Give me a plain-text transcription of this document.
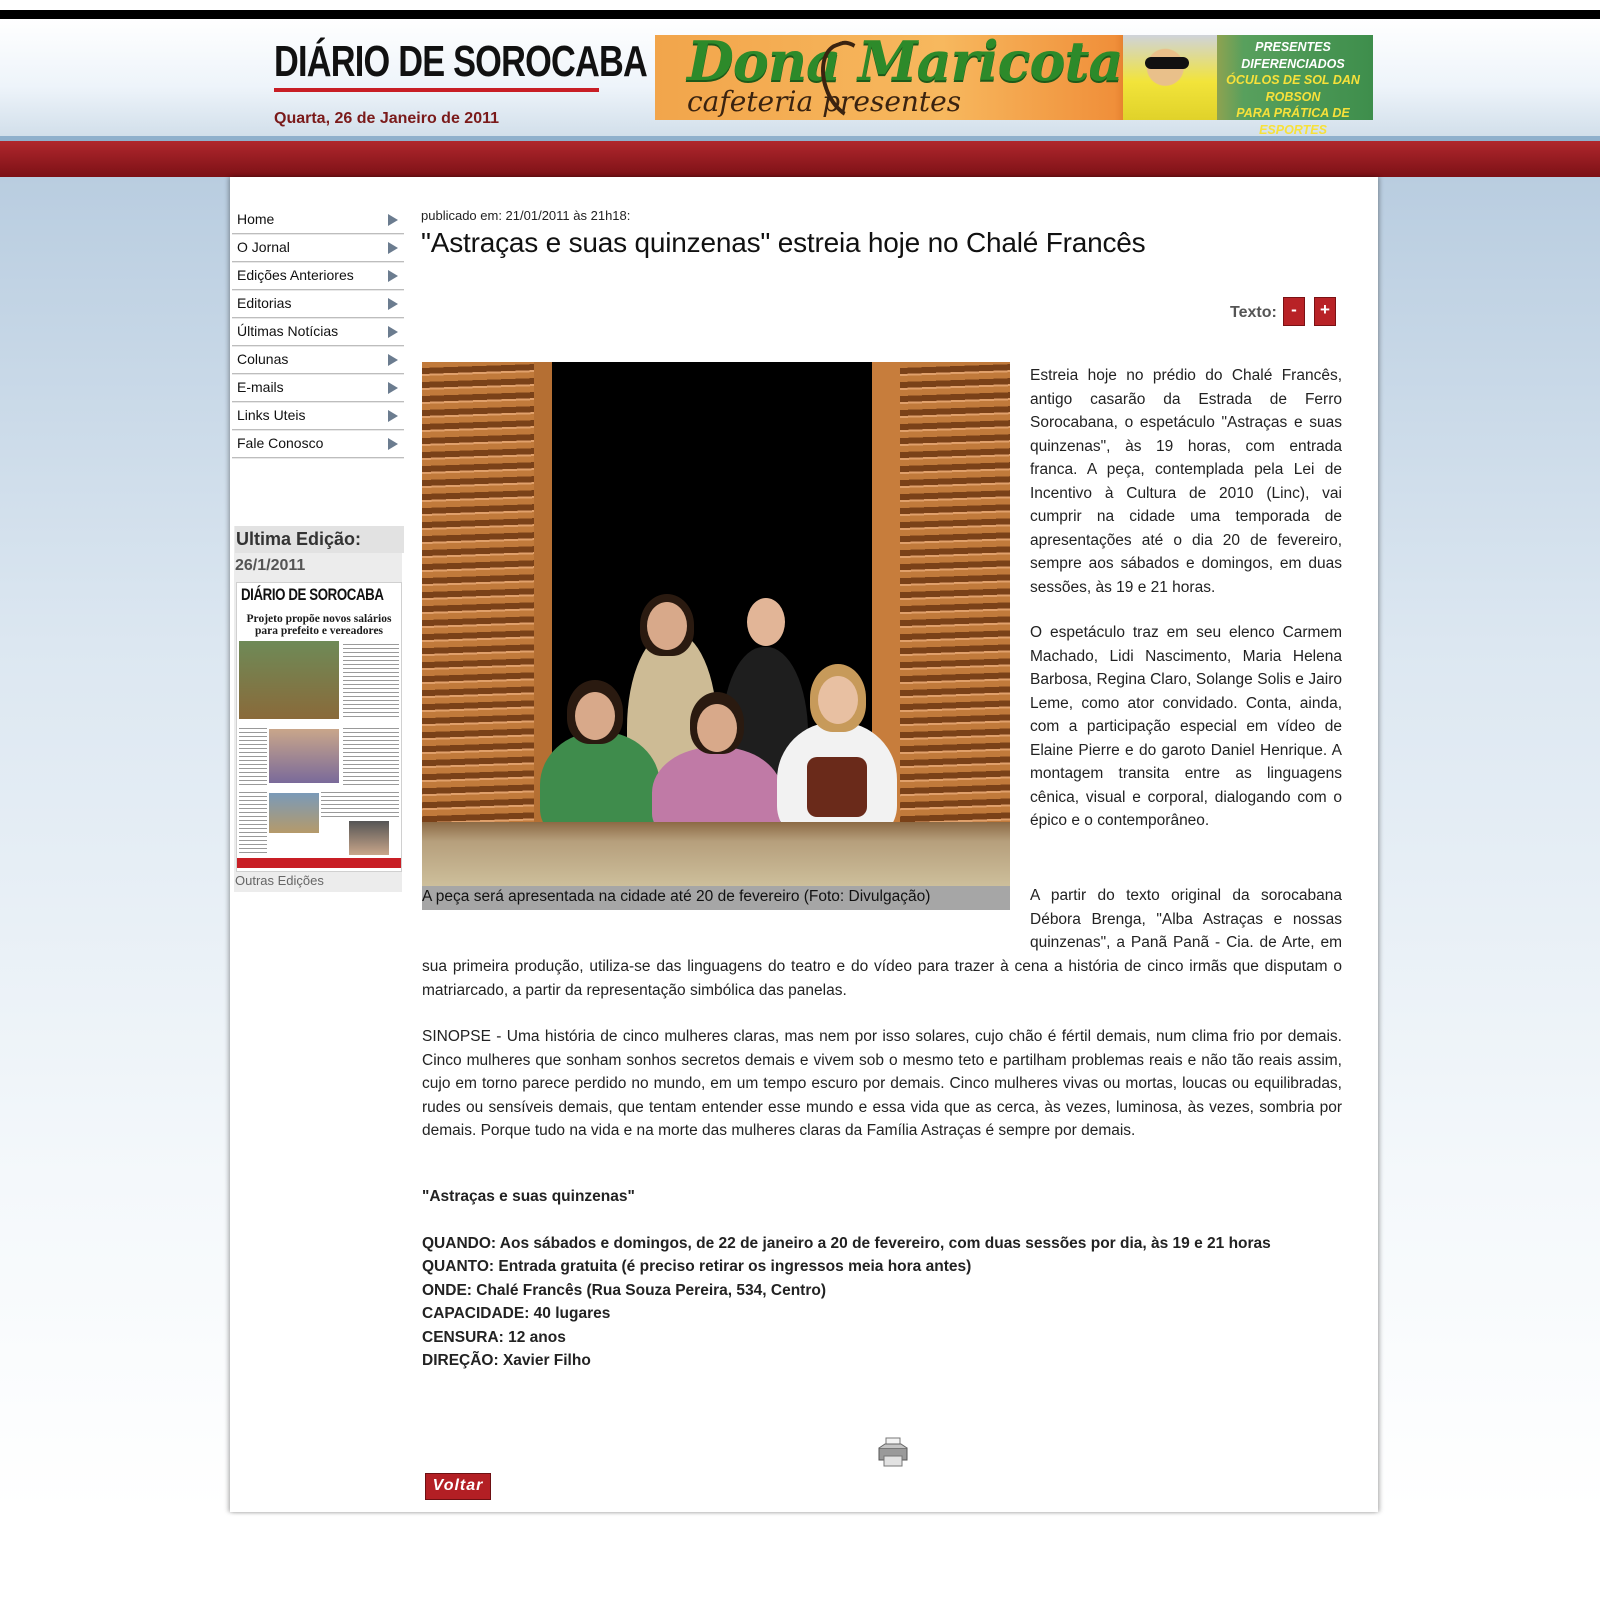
DIÁRIO DE SOROCABA
Quarta, 26 de Janeiro de 2011
Dona Maricota
cafeteria presentes
PRESENTES DIFERENCIADOS
ÓCULOS DE SOL DAN ROBSON
PARA PRÁTICA DE ESPORTES
Home
O Jornal
Edições Anteriores
Editorias
Últimas Notícias
Colunas
E-mails
Links Uteis
Fale Conosco
Ultima Edição:
26/1/2011
DIÁRIO DE SOROCABA
Projeto propõe novos salários para prefeito e vereadores
Outras Edições
publicado em: 21/01/2011 às 21h18:
"Astraças e suas quinzenas" estreia hoje no Chalé Francês
Texto: -	+
A peça será apresentada na cidade até 20 de fevereiro (Foto: Divulgação)
Estreia hoje no prédio do Chalé Francês, antigo casarão da Estrada de Ferro Sorocabana, o espetáculo "Astraças e suas quinzenas", às 19 horas, com entrada franca. A peça, contemplada pela Lei de Incentivo à Cultura de 2010 (Linc), vai cumprir na cidade uma temporada de apresentações até o dia 20 de fevereiro, sempre aos sábados e domingos, em duas sessões, às 19 e 21 horas.
O espetáculo traz em seu elenco Carmem Machado, Lidi Nascimento, Maria Helena Barbosa, Regina Claro, Solange Solis e Jairo Leme, como ator convidado. Conta, ainda, com a participação especial em vídeo de Elaine Pierre e do garoto Daniel Henrique. A montagem transita entre as linguagens cênica, visual e corporal, dialogando com o épico e o contemporâneo.
A partir do texto original da sorocabana Débora Brenga, "Alba Astraças e nossas quinzenas", a Panã Panã - Cia. de Arte, em
sua primeira produção, utiliza-se das linguagens do teatro e do vídeo para trazer à cena a história de cinco irmãs que disputam o matriarcado, a partir da representação simbólica das panelas.
SINOPSE - Uma história de cinco mulheres claras, mas nem por isso solares, cujo chão é fértil demais, num clima frio por demais. Cinco mulheres que sonham sonhos secretos demais e vivem sob o mesmo teto e partilham problemas reais e não tão reais assim, cujo em torno parece perdido no mundo, em um tempo escuro por demais. Cinco mulheres vivas ou mortas, loucas ou equilibradas, rudes ou sensíveis demais, que tentam entender esse mundo e essa vida que as cerca, às vezes, luminosa, às vezes, sombria por demais. Porque tudo na vida e na morte das mulheres claras da Família Astraças é sempre por demais.
"Astraças e suas quinzenas"
QUANDO: Aos sábados e domingos, de 22 de janeiro a 20 de fevereiro, com duas sessões por dia, às 19 e 21 horas
QUANTO: Entrada gratuita (é preciso retirar os ingressos meia hora antes)
ONDE: Chalé Francês (Rua Souza Pereira, 534, Centro)
CAPACIDADE: 40 lugares
CENSURA: 12 anos
DIREÇÃO: Xavier Filho
Voltar
